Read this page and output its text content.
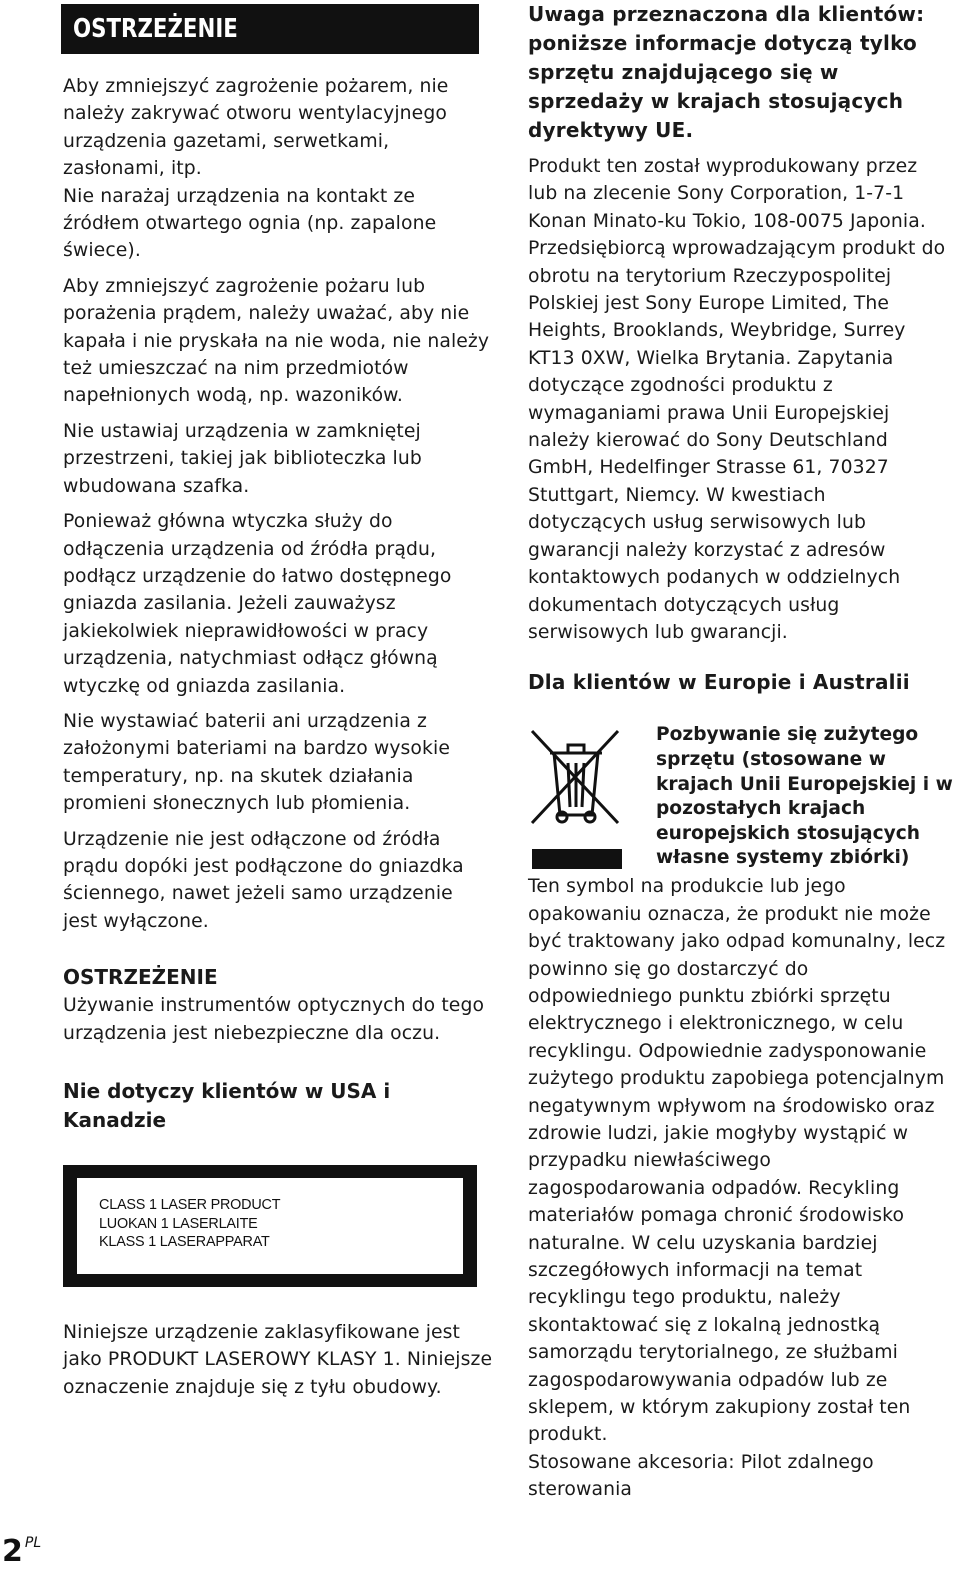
OSTRZEŻENIE

Aby zmniejszyć zagrożenie pożarem, nie należy zakrywać otworu wentylacyjnego urządzenia gazetami, serwetkami, zasłonami, itp.

Nie narażaj urządzenia na kontakt ze źródłem otwartego ognia (np. zapalone świece).

Aby zmniejszyć zagrożenie pożaru lub porażenia prądem, należy uważać, aby nie kapała i nie pryskała na nie woda, nie należy też umieszczać na nim przedmiotów napełnionych wodą, np. wazoników.

Nie ustawiaj urządzenia w zamkniętej przestrzeni, takiej jak biblioteczka lub wbudowana szafka.

Ponieważ główna wtyczka służy do odłączenia urządzenia od źródła prądu, podłącz urządzenie do łatwo dostępnego gniazda zasilania. Jeżeli zauważysz jakiekolwiek nieprawidłowości w pracy urządzenia, natychmiast odłącz główną wtyczkę od gniazda zasilania.

Nie wystawiać baterii ani urządzenia z założonymi bateriami na bardzo wysokie temperatury, np. na skutek działania promieni słonecznych lub płomienia.

Urządzenie nie jest odłączone od źródła prądu dopóki jest podłączone do gniazdka ściennego, nawet jeżeli samo urządzenie jest wyłączone.

OSTRZEŻENIE

Używanie instrumentów optycznych do tego urządzenia jest niebezpieczne dla oczu.

Nie dotyczy klientów w USA i Kanadzie
CLASS 1 LASER PRODUCT
LUOKAN 1 LASERLAITE
KLASS 1 LASERAPPARAT

Niniejsze urządzenie zaklasyfikowane jest jako PRODUKT LASEROWY KLASY 1. Niniejsze oznaczenie znajduje się z tyłu obudowy.

Uwaga przeznaczona dla klientów: poniższe informacje dotyczą tylko sprzętu znajdującego się w sprzedaży w krajach stosujących dyrektywy UE.

Produkt ten został wyprodukowany przez lub na zlecenie Sony Corporation, 1-7-1 Konan Minato-ku Tokio, 108-0075 Japonia. Przedsiębiorcą wprowadzającym produkt do obrotu na terytorium Rzeczypospolitej Polskiej jest Sony Europe Limited, The Heights, Brooklands, Weybridge, Surrey KT13 0XW, Wielka Brytania. Zapytania dotyczące zgodności produktu z wymaganiami prawa Unii Europejskiej należy kierować do Sony Deutschland GmbH, Hedelfinger Strasse 61, 70327 Stuttgart, Niemcy. W kwestiach dotyczących usług serwisowych lub gwarancji należy korzystać z adresów kontaktowych podanych w oddzielnych dokumentach dotyczących usług serwisowych lub gwarancji.

Dla klientów w Europie i Australii
Pozbywanie się zużytego sprzętu (stosowane w krajach Unii Europejskiej i w pozostałych krajach europejskich stosujących własne systemy zbiórki)

Ten symbol na produkcie lub jego opakowaniu oznacza, że produkt nie może być traktowany jako odpad komunalny, lecz powinno się go dostarczyć do odpowiedniego punktu zbiórki sprzętu elektrycznego i elektronicznego, w celu recyklingu. Odpowiednie zadysponowanie zużytego produktu zapobiega potencjalnym negatywnym wpływom na środowisko oraz zdrowie ludzi, jakie mogłyby wystąpić w przypadku niewłaściwego zagospodarowania odpadów. Recykling materiałów pomaga chronić środowisko naturalne. W celu uzyskania bardziej szczegółowych informacji na temat recyklingu tego produktu, należy skontaktować się z lokalną jednostką samorządu terytorialnego, ze służbami zagospodarowywania odpadów lub ze sklepem, w którym zakupiony został ten produkt.

Stosowane akcesoria: Pilot zdalnego sterowania

2 $_{PL}$
